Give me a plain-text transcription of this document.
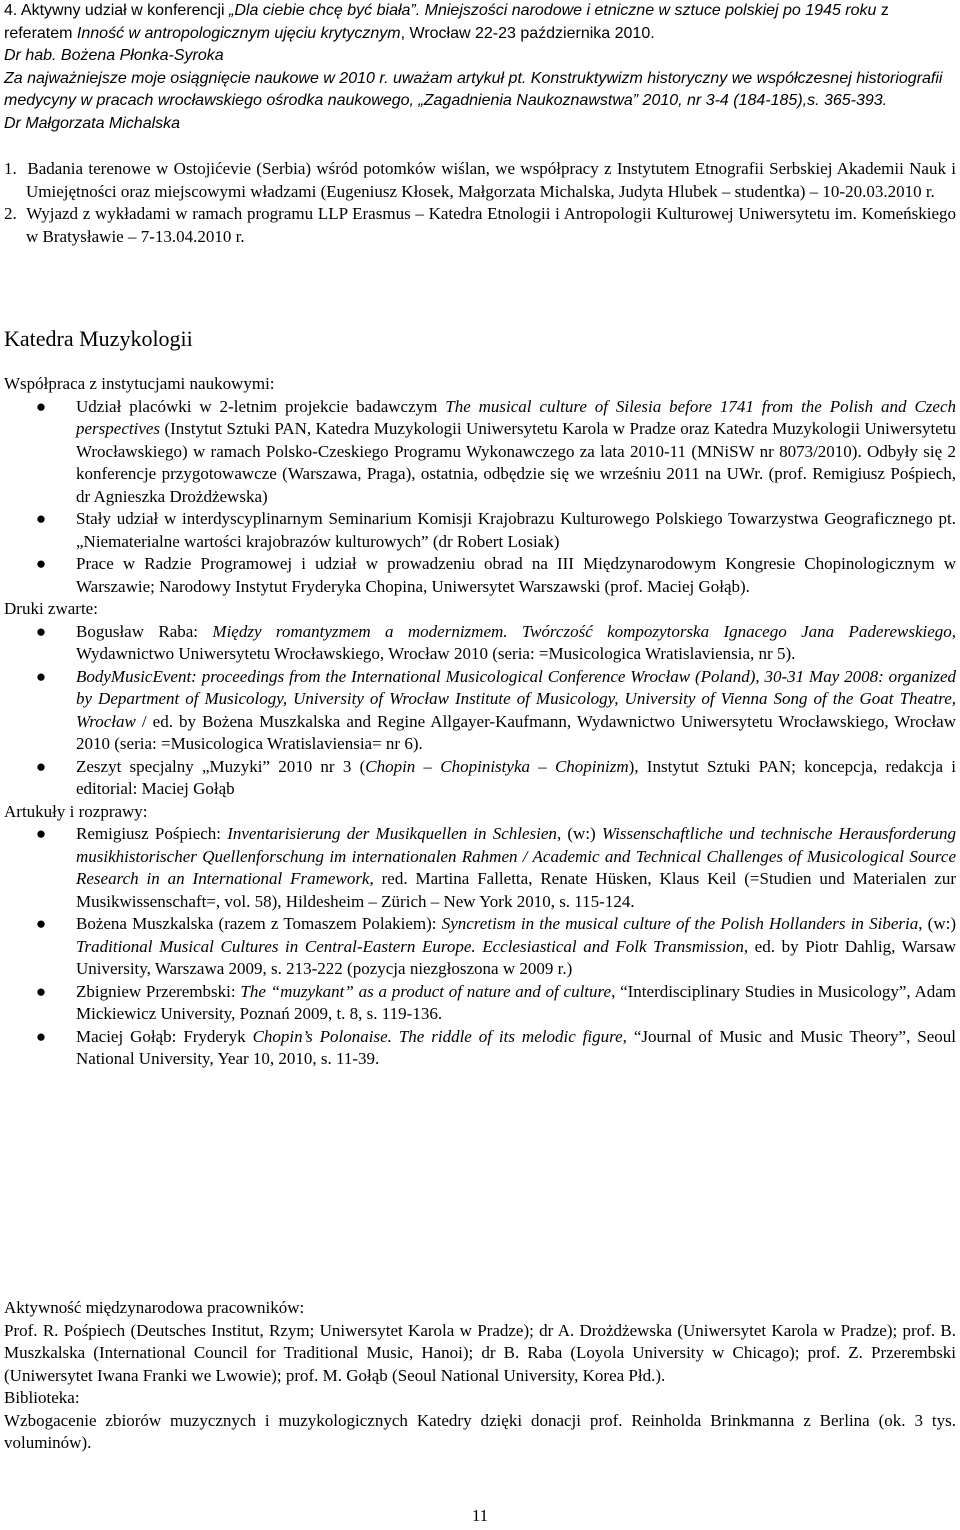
4. Aktywny udział w konferencji „Dla ciebie chcę być biała”. Mniejszości narodowe i etniczne w sztuce polskiej po 1945 roku z referatem Inność w antropologicznym ujęciu krytycznym, Wrocław 22-23 października 2010.

Dr hab. Bożena Płonka-Syroka

Za najważniejsze moje osiągnięcie naukowe w 2010 r. uważam artykuł pt. Konstruktywizm historyczny we współczesnej historiografii medycyny w pracach wrocławskiego ośrodka naukowego, „Zagadnienia Naukoznawstwa” 2010, nr 3-4 (184-185),s. 365-393.

Dr Małgorzata Michalska

1. Badania terenowe w Ostojićevie (Serbia) wśród potomków wiślan, we współpracy z Instytutem Etnografii Serbskiej Akademii Nauk i Umiejętności oraz miejscowymi władzami (Eugeniusz Kłosek, Małgorzata Michalska, Judyta Hlubek – studentka) – 10-20.03.2010 r.

2. Wyjazd z wykładami w ramach programu LLP Erasmus – Katedra Etnologii i Antropologii Kulturowej Uniwersytetu im. Komeńskiego w Bratysławie – 7-13.04.2010 r.

Katedra Muzykologii

Współpraca z instytucjami naukowymi:

● Udział placówki w 2-letnim projekcie badawczym The musical culture of Silesia before 1741 from the Polish and Czech perspectives (Instytut Sztuki PAN, Katedra Muzykologii Uniwersytetu Karola w Pradze oraz Katedra Muzykologii Uniwersytetu Wrocławskiego) w ramach Polsko-Czeskiego Programu Wykonawczego za lata 2010-11 (MNiSW nr 8073/2010). Odbyły się 2 konferencje przygotowawcze (Warszawa, Praga), ostatnia, odbędzie się we wrześniu 2011 na UWr. (prof. Remigiusz Pośpiech, dr Agnieszka Drożdżewska)
● Stały udział w interdyscyplinarnym Seminarium Komisji Krajobrazu Kulturowego Polskiego Towarzystwa Geograficznego pt. „Niematerialne wartości krajobrazów kulturowych” (dr Robert Losiak)
● Prace w Radzie Programowej i udział w prowadzeniu obrad na III Międzynarodowym Kongresie Chopinologicznym w Warszawie; Narodowy Instytut Fryderyka Chopina, Uniwersytet Warszawski (prof. Maciej Gołąb).

Druki zwarte:

● Bogusław Raba: Między romantyzmem a modernizmem. Twórczość kompozytorska Ignacego Jana Paderewskiego, Wydawnictwo Uniwersytetu Wrocławskiego, Wrocław 2010 (seria: =Musicologica Wratislaviensia, nr 5).
● BodyMusicEvent: proceedings from the International Musicological Conference Wrocław (Poland), 30-31 May 2008: organized by Department of Musicology, University of Wrocław Institute of Musicology, University of Vienna Song of the Goat Theatre, Wrocław / ed. by Bożena Muszkalska and Regine Allgayer-Kaufmann, Wydawnictwo Uniwersytetu Wrocławskiego, Wrocław 2010 (seria: =Musicologica Wratislaviensia= nr 6).
● Zeszyt specjalny „Muzyki” 2010 nr 3 (Chopin – Chopinistyka – Chopinizm), Instytut Sztuki PAN; koncepcja, redakcja i editorial: Maciej Gołąb

Artukuły i rozprawy:

● Remigiusz Pośpiech: Inventarisierung der Musikquellen in Schlesien, (w:) Wissenschaftliche und technische Herausforderung musikhistorischer Quellenforschung im internationalen Rahmen / Academic and Technical Challenges of Musicological Source Research in an International Framework, red. Martina Falletta, Renate Hüsken, Klaus Keil (=Studien und Materialen zur Musikwissenschaft=, vol. 58), Hildesheim – Zürich – New York 2010, s. 115-124.
● Bożena Muszkalska (razem z Tomaszem Polakiem): Syncretism in the musical culture of the Polish Hollanders in Siberia, (w:) Traditional Musical Cultures in Central-Eastern Europe. Ecclesiastical and Folk Transmission, ed. by Piotr Dahlig, Warsaw University, Warszawa 2009, s. 213-222 (pozycja niezgłoszona w 2009 r.)
● Zbigniew Przerembski: The “muzykant” as a product of nature and of culture, “Interdisciplinary Studies in Musicology”, Adam Mickiewicz University, Poznań 2009, t. 8, s. 119-136.
● Maciej Gołąb: Fryderyk Chopin’s Polonaise. The riddle of its melodic figure, “Journal of Music and Music Theory”, Seoul National University, Year 10, 2010, s. 11-39.

Aktywność międzynarodowa pracowników:

Prof. R. Pośpiech (Deutsches Institut, Rzym; Uniwersytet Karola w Pradze); dr A. Drożdżewska (Uniwersytet Karola w Pradze); prof. B. Muszkalska (International Council for Traditional Music, Hanoi); dr B. Raba (Loyola University w Chicago); prof. Z. Przerembski (Uniwersytet Iwana Franki we Lwowie); prof. M. Gołąb (Seoul National University, Korea Płd.).

Biblioteka:

Wzbogacenie zbiorów muzycznych i muzykologicznych Katedry dzięki donacji prof. Reinholda Brinkmanna z Berlina (ok. 3 tys. voluminów).

11
